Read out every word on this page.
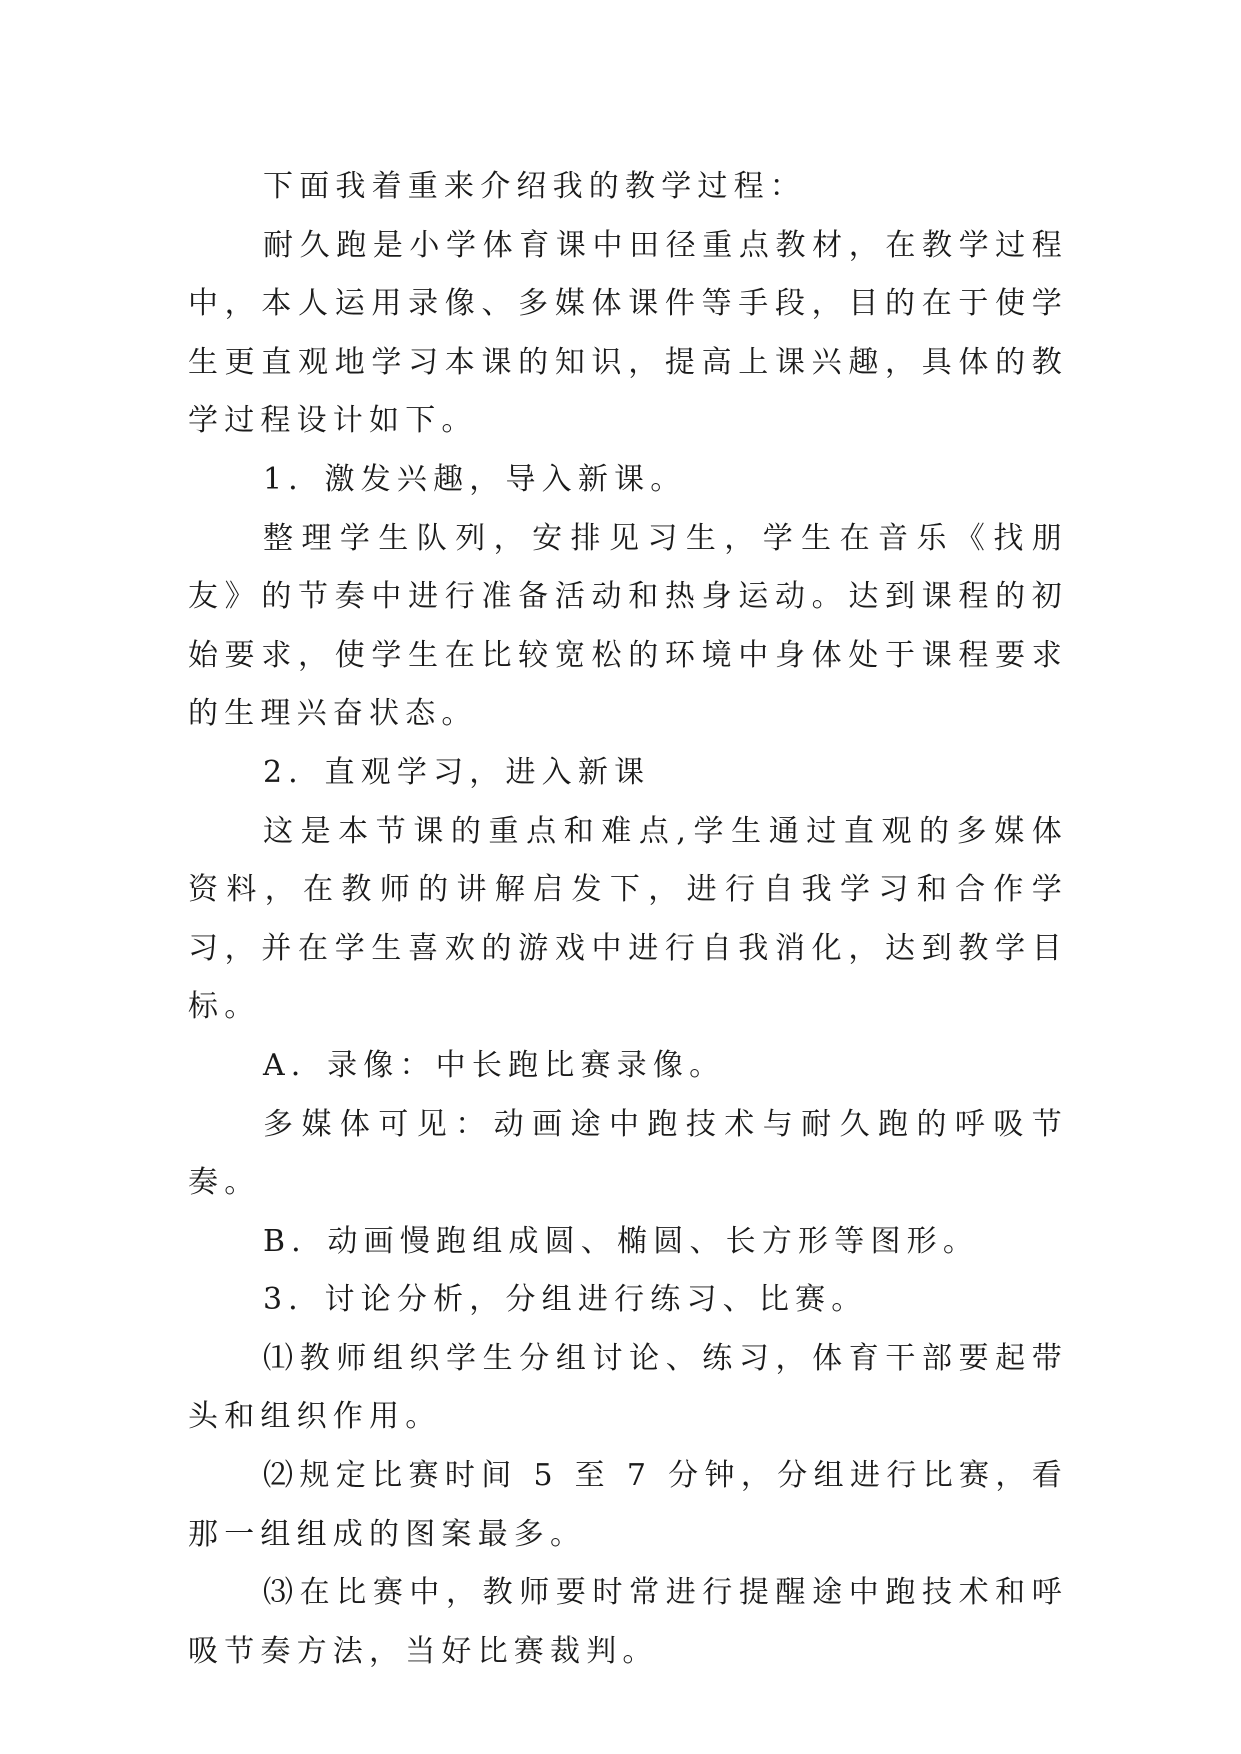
下面我着重来介绍我的教学过程：

耐久跑是小学体育课中田径重点教材，在教学过程中，本人运用录像、多媒体课件等手段，目的在于使学生更直观地学习本课的知识，提高上课兴趣，具体的教学过程设计如下。

1．激发兴趣，导入新课。

整理学生队列，安排见习生，学生在音乐《找朋友》的节奏中进行准备活动和热身运动。达到课程的初始要求，使学生在比较宽松的环境中身体处于课程要求的生理兴奋状态。

2．直观学习，进入新课

这是本节课的重点和难点,学生通过直观的多媒体资料，在教师的讲解启发下，进行自我学习和合作学习，并在学生喜欢的游戏中进行自我消化，达到教学目标。

A．录像：中长跑比赛录像。

多媒体可见：动画途中跑技术与耐久跑的呼吸节奏。

B．动画慢跑组成圆、椭圆、长方形等图形。

3．讨论分析，分组进行练习、比赛。

⑴教师组织学生分组讨论、练习，体育干部要起带头和组织作用。

⑵规定比赛时间 5 至 7 分钟，分组进行比赛，看那一组组成的图案最多。

⑶在比赛中，教师要时常进行提醒途中跑技术和呼吸节奏方法，当好比赛裁判。
